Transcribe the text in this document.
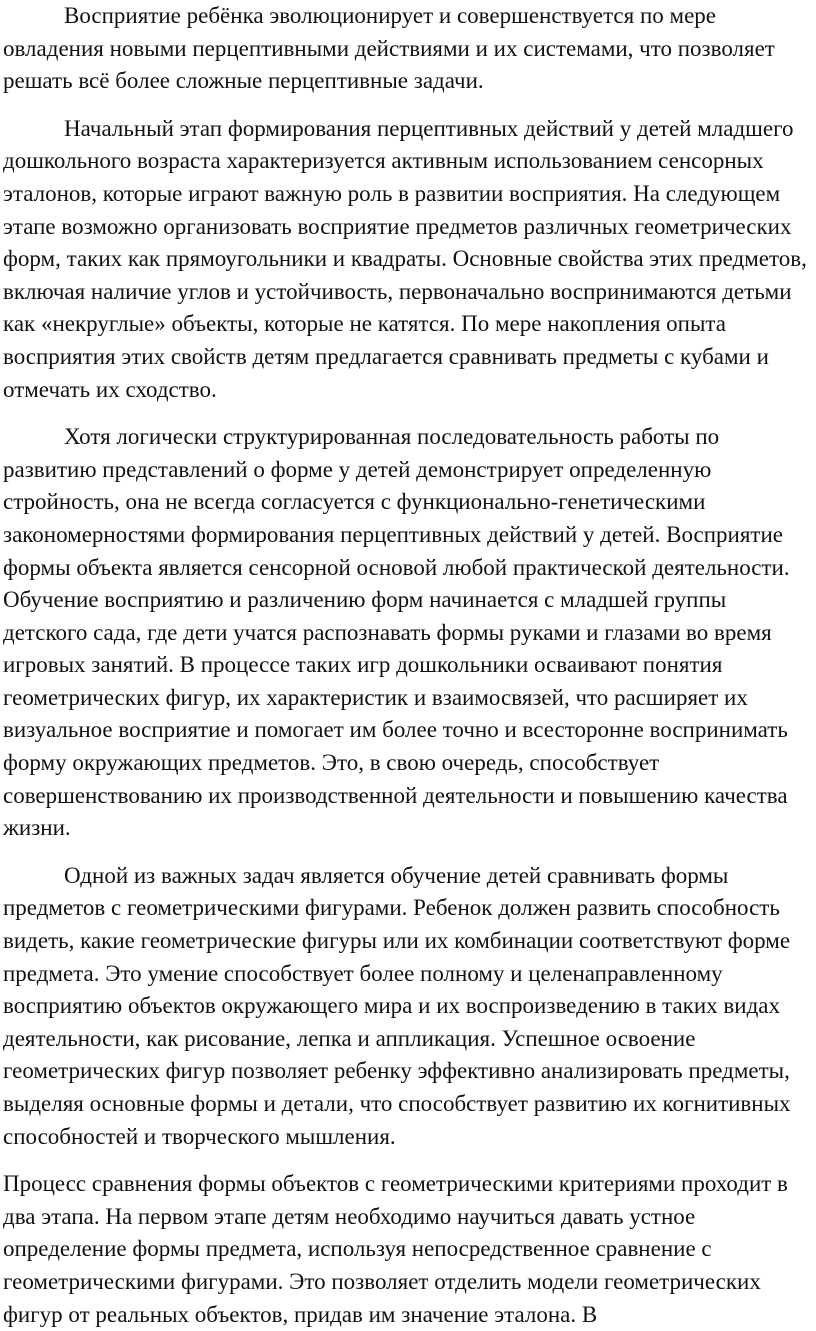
Восприятие ребёнка эволюционирует и совершенствуется по мере овладения новыми перцептивными действиями и их системами, что позволяет решать всё более сложные перцептивные задачи.

Начальный этап формирования перцептивных действий у детей младшего дошкольного возраста характеризуется активным использованием сенсорных эталонов, которые играют важную роль в развитии восприятия. На следующем этапе возможно организовать восприятие предметов различных геометрических форм, таких как прямоугольники и квадраты. Основные свойства этих предметов, включая наличие углов и устойчивость, первоначально воспринимаются детьми как «некруглые» объекты, которые не катятся. По мере накопления опыта восприятия этих свойств детям предлагается сравнивать предметы с кубами и отмечать их сходство.

Хотя логически структурированная последовательность работы по развитию представлений о форме у детей демонстрирует определенную стройность, она не всегда согласуется с функционально-генетическими закономерностями формирования перцептивных действий у детей. Восприятие формы объекта является сенсорной основой любой практической деятельности. Обучение восприятию и различению форм начинается с младшей группы детского сада, где дети учатся распознавать формы руками и глазами во время игровых занятий. В процессе таких игр дошкольники осваивают понятия геометрических фигур, их характеристик и взаимосвязей, что расширяет их визуальное восприятие и помогает им более точно и всесторонне воспринимать форму окружающих предметов. Это, в свою очередь, способствует совершенствованию их производственной деятельности и повышению качества жизни.

Одной из важных задач является обучение детей сравнивать формы предметов с геометрическими фигурами. Ребенок должен развить способность видеть, какие геометрические фигуры или их комбинации соответствуют форме предмета. Это умение способствует более полному и целенаправленному восприятию объектов окружающего мира и их воспроизведению в таких видах деятельности, как рисование, лепка и аппликация. Успешное освоение геометрических фигур позволяет ребенку эффективно анализировать предметы, выделяя основные формы и детали, что способствует развитию их когнитивных способностей и творческого мышления.

Процесс сравнения формы объектов с геометрическими критериями проходит в два этапа. На первом этапе детям необходимо научиться давать устное определение формы предмета, используя непосредственное сравнение с геометрическими фигурами. Это позволяет отделить модели геометрических фигур от реальных объектов, придав им значение эталона. В
